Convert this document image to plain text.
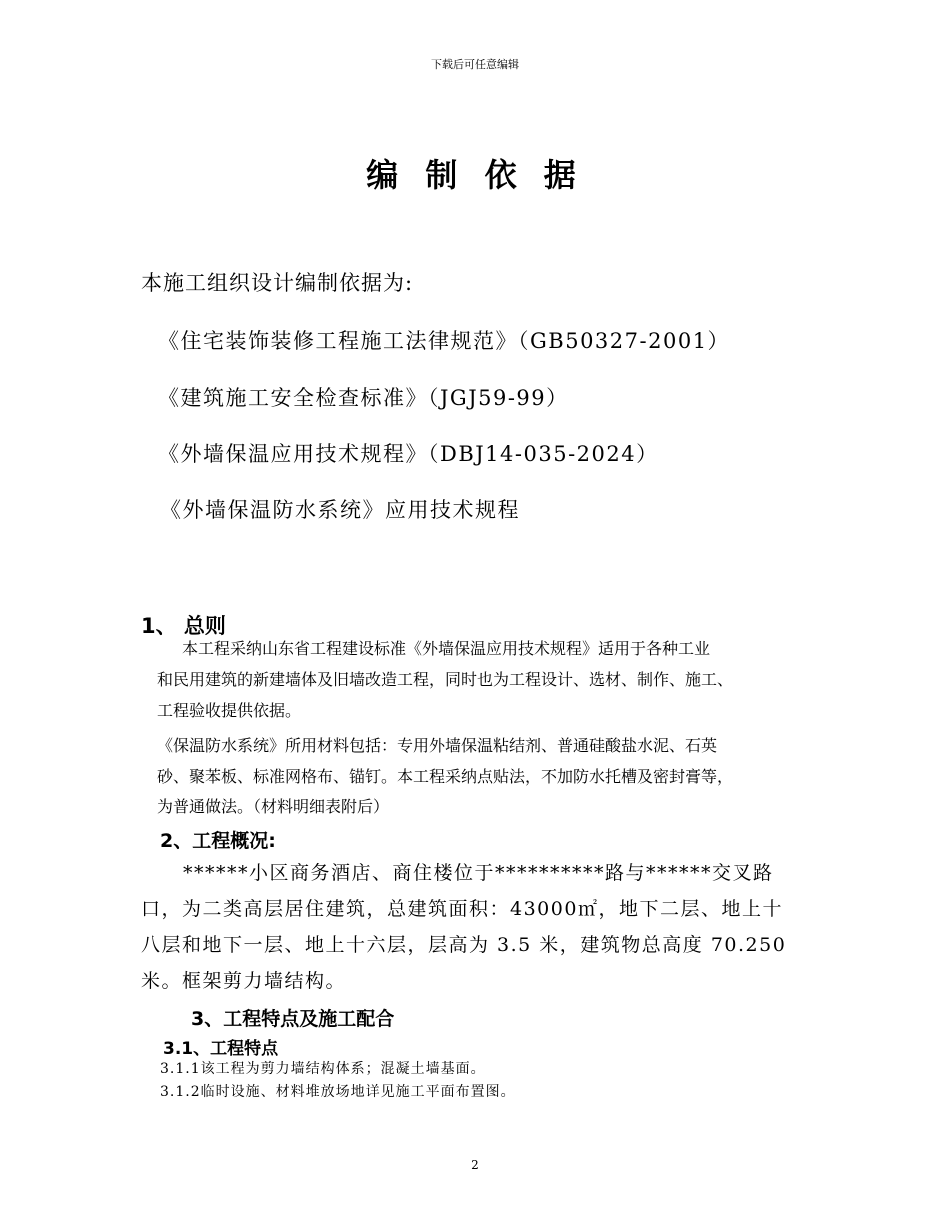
下载后可任意编辑
编 制 依 据
本施工组织设计编制依据为:
《住宅装饰装修工程施工法律规范》（GB50327-2001）
《建筑施工安全检查标准》（JGJ59-99）
《外墙保温应用技术规程》（DBJ14-035-2024）
《外墙保温防水系统》应用技术规程
1、 总则
本工程采纳山东省工程建设标准《外墙保温应用技术规程》适用于各种工业
和民用建筑的新建墙体及旧墙改造工程，同时也为工程设计、选材、制作、施工、
工程验收提供依据。
《保温防水系统》所用材料包括：专用外墙保温粘结剂、普通硅酸盐水泥、石英
砂、聚苯板、标准网格布、锚钉。本工程采纳点贴法，不加防水托槽及密封膏等，
为普通做法。（材料明细表附后）
2、工程概况:
******小区商务酒店、商住楼位于**********路与******交叉路
口，为二类高层居住建筑，总建筑面积：43000㎡，地下二层、地上十
八层和地下一层、地上十六层，层高为 3.5 米，建筑物总高度 70.250
米。框架剪力墙结构。
3、工程特点及施工配合
3.1、工程特点
3.1.1该工程为剪力墙结构体系；混凝土墙基面。
3.1.2临时设施、材料堆放场地详见施工平面布置图。
2
